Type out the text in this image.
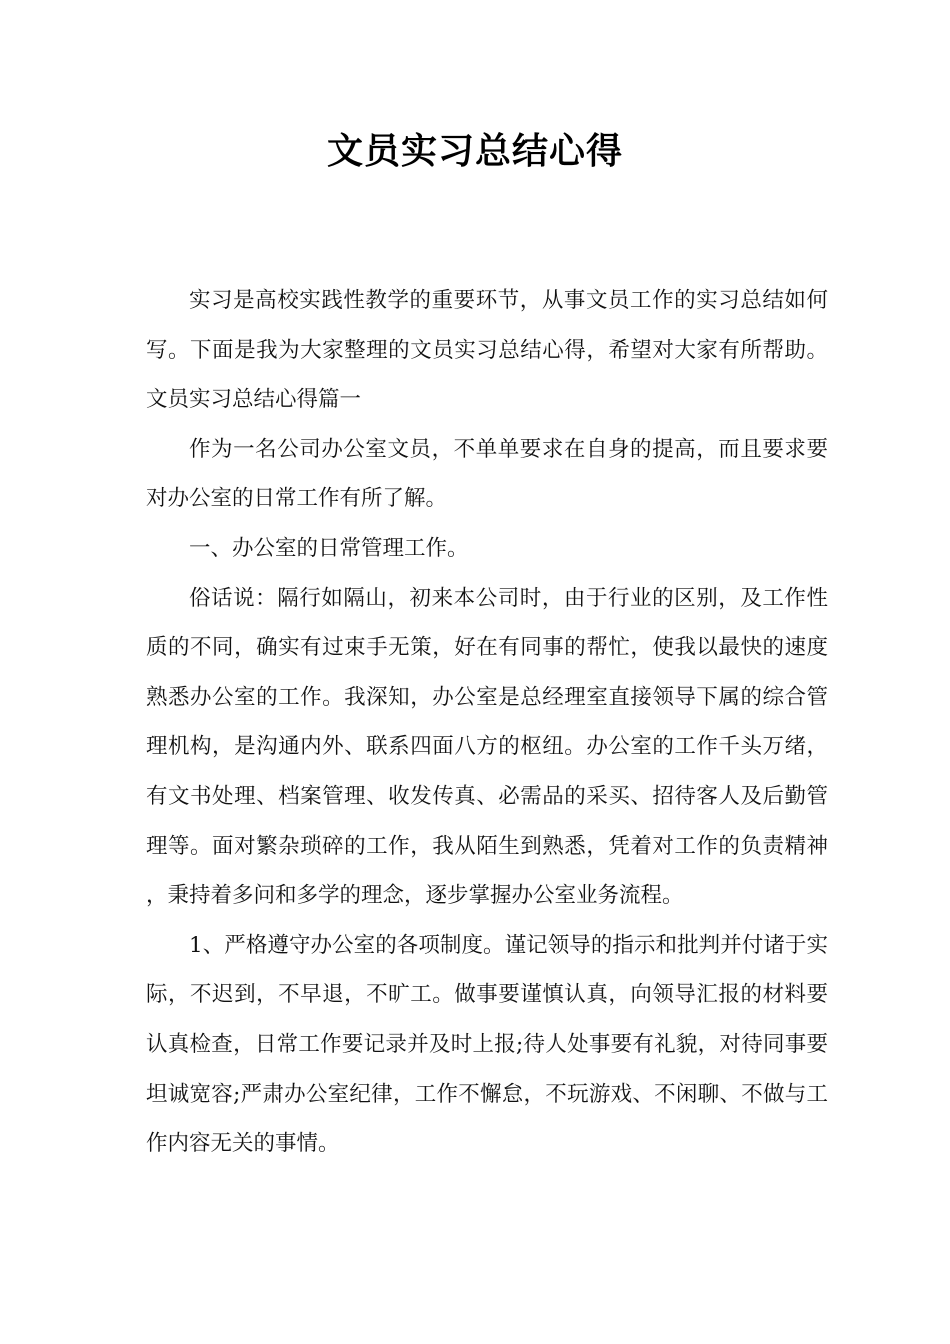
文员实习总结心得

实习是高校实践性教学的重要环节，从事文员工作的实习总结如何写。下面是我为大家整理的文员实习总结心得，希望对大家有所帮助。 文员实习总结心得篇一

作为一名公司办公室文员，不单单要求在自身的提高，而且要求要对办公室的日常工作有所了解。

一、办公室的日常管理工作。

俗话说：隔行如隔山，初来本公司时，由于行业的区别，及工作性质的不同，确实有过束手无策，好在有同事的帮忙，使我以最快的速度熟悉办公室的工作。我深知，办公室是总经理室直接领导下属的综合管理机构，是沟通内外、联系四面八方的枢纽。办公室的工作千头万绪，有文书处理、档案管理、收发传真、必需品的采买、招待客人及后勤管理等。面对繁杂琐碎的工作，我从陌生到熟悉，凭着对工作的负责精神，秉持着多问和多学的理念，逐步掌握办公室业务流程。

1、严格遵守办公室的各项制度。谨记领导的指示和批判并付诸于实际，不迟到，不早退，不旷工。做事要谨慎认真，向领导汇报的材料要认真检查，日常工作要记录并及时上报;待人处事要有礼貌，对待同事要坦诚宽容;严肃办公室纪律，工作不懈怠，不玩游戏、不闲聊、不做与工作内容无关的事情。
